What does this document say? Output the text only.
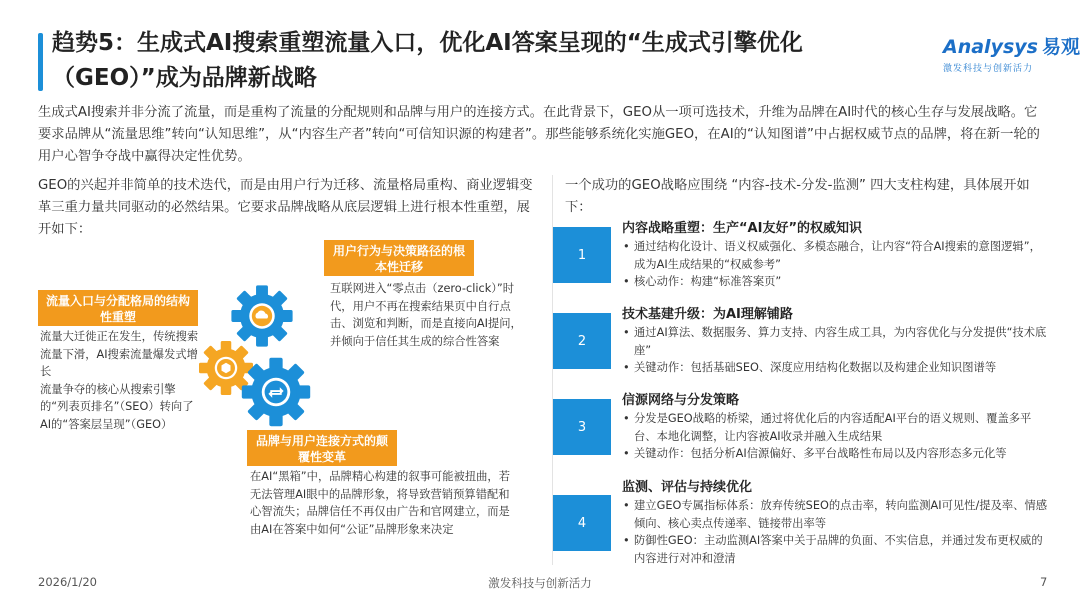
趋势5：生成式AI搜索重塑流量入口，优化AI答案呈现的“生成式引擎优化（GEO）”成为品牌新战略
Analysys 易观
激发科技与创新活力
生成式AI搜索并非分流了流量，而是重构了流量的分配规则和品牌与用户的连接方式。在此背景下，GEO从一项可选技术，升维为品牌在AI时代的核心生存与发展战略。它要求品牌从“流量思维”转向“认知思维”，从“内容生产者”转向“可信知识源的构建者”。那些能够系统化实施GEO，在AI的“认知图谱”中占据权威节点的品牌，将在新一轮的用户心智争夺战中赢得决定性优势。
GEO的兴起并非简单的技术迭代，而是由用户行为迁移、流量格局重构、商业逻辑变革三重力量共同驱动的必然结果。它要求品牌战略从底层逻辑上进行根本性重塑，展开如下：
用户行为与决策路径的根本性迁移
互联网进入“零点击（zero-click）”时代，用户不再在搜索结果页中自行点击、浏览和判断，而是直接向AI提问，并倾向于信任其生成的综合性答案
流量入口与分配格局的结构性重塑
流量大迁徙正在发生，传统搜索流量下滑，AI搜索流量爆发式增长
流量争夺的核心从搜索引擎的“列表页排名”（SEO）转向了AI的“答案层呈现”（GEO）
品牌与用户连接方式的颠覆性变革
在AI“黑箱”中，品牌精心构建的叙事可能被扭曲，若无法管理AI眼中的品牌形象，将导致营销预算错配和心智流失；品牌信任不再仅由广告和官网建立，而是由AI在答案中如何“公证”品牌形象来决定
一个成功的GEO战略应围绕 “内容-技术-分发-监测” 四大支柱构建，具体展开如下：
1
内容战略重塑：生产“AI友好”的权威知识
• 通过结构化设计、语义权威强化、多模态融合，让内容“符合AI搜索的意图逻辑”，成为AI生成结果的“权威参考”
• 核心动作：构建“标准答案页”
2
技术基建升级：为AI理解铺路
• 通过AI算法、数据服务、算力支持、内容生成工具，为内容优化与分发提供“技术底座”
• 关键动作：包括基础SEO、深度应用结构化数据以及构建企业知识图谱等
3
信源网络与分发策略
• 分发是GEO战略的桥梁，通过将优化后的内容适配AI平台的语义规则、覆盖多平台、本地化调整，让内容被AI收录并融入生成结果
• 关键动作：包括分析AI信源偏好、多平台战略性布局以及内容形态多元化等
4
监测、评估与持续优化
• 建立GEO专属指标体系：放弃传统SEO的点击率，转向监测AI可见性/提及率、情感倾向、核心卖点传递率、链接带出率等
• 防御性GEO：主动监测AI答案中关于品牌的负面、不实信息，并通过发布更权威的内容进行对冲和澄清
2026/1/20	激发科技与创新活力	7
